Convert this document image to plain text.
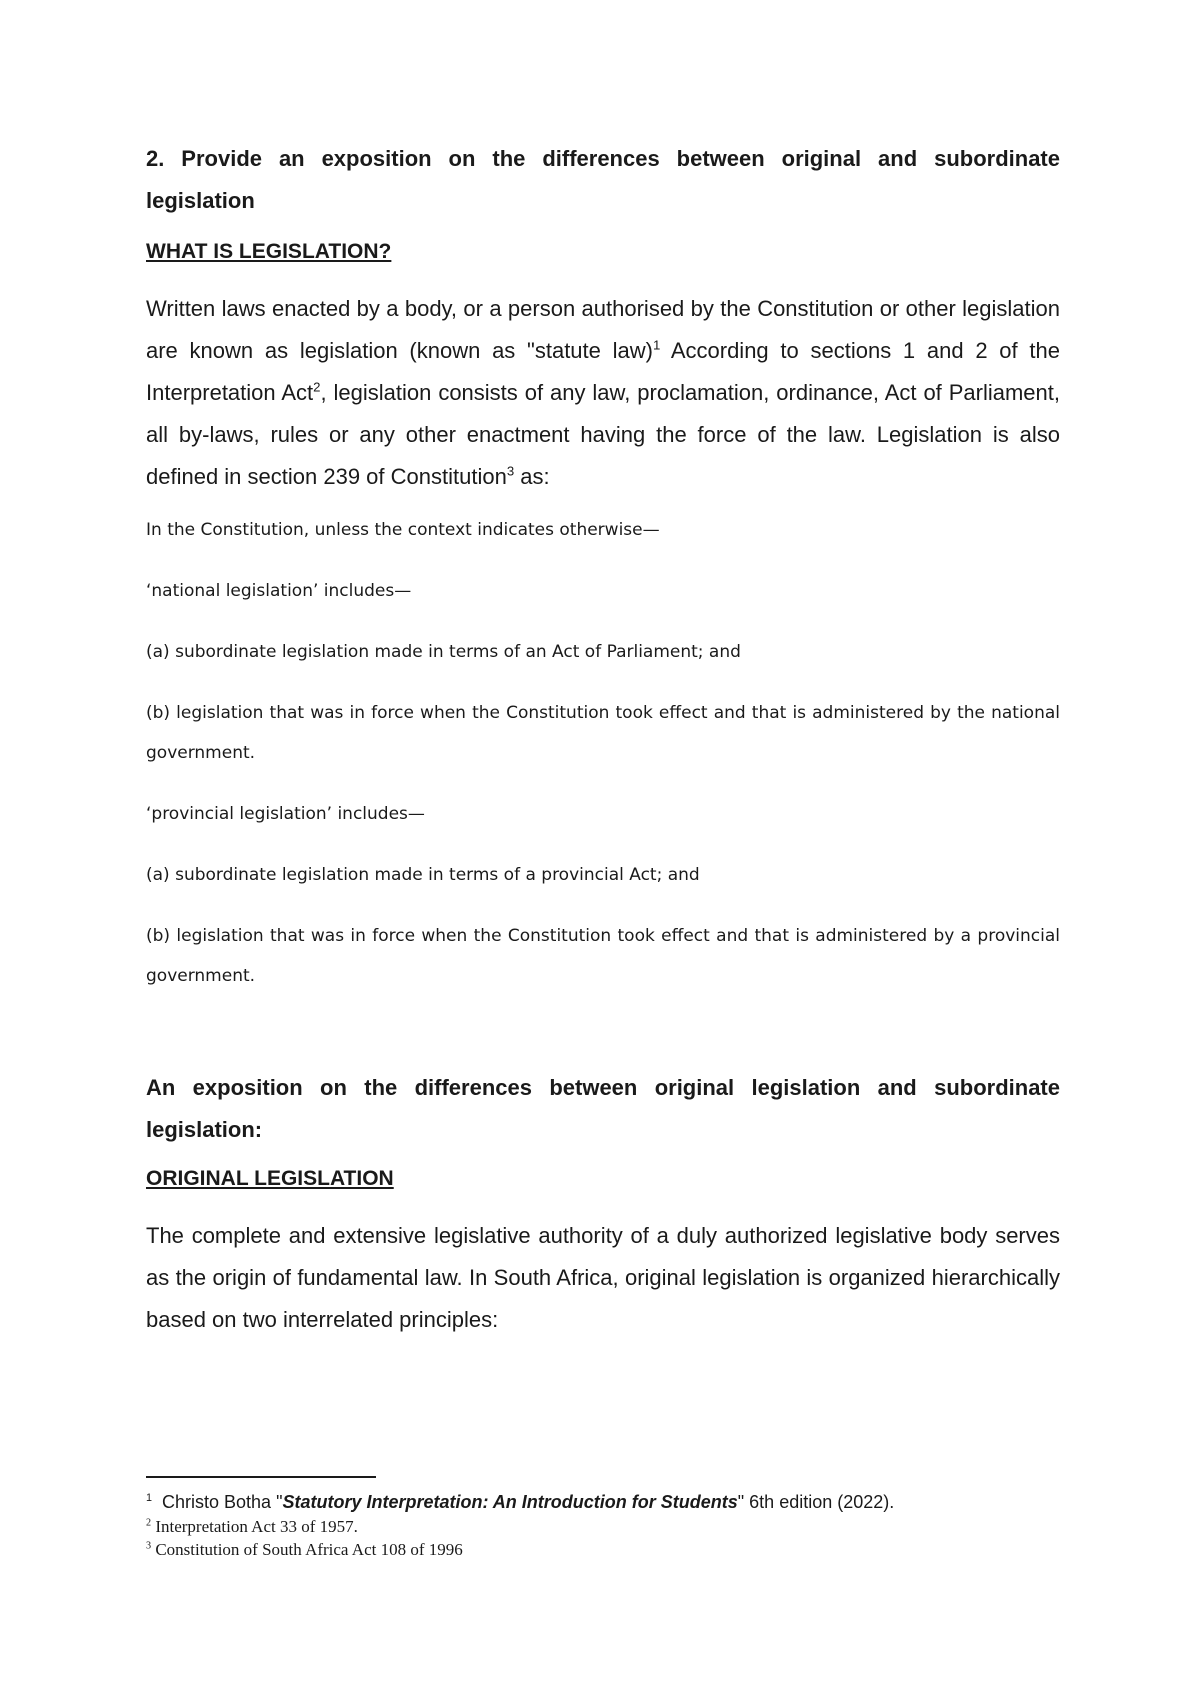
2. Provide an exposition on the differences between original and subordinate legislation

WHAT IS LEGISLATION?

Written laws enacted by a body, or a person authorised by the Constitution or other legislation are known as legislation (known as "statute law)$^1$ According to sections 1 and 2 of the Interpretation Act$^2$, legislation consists of any law, proclamation, ordinance, Act of Parliament, all by-laws, rules or any other enactment having the force of the law. Legislation is also defined in section 239 of Constitution$^3$ as:

In the Constitution, unless the context indicates otherwise—

‘national legislation’ includes—

(a) subordinate legislation made in terms of an Act of Parliament; and

(b) legislation that was in force when the Constitution took effect and that is administered by the national government.

‘provincial legislation’ includes—

(a) subordinate legislation made in terms of a provincial Act; and

(b) legislation that was in force when the Constitution took effect and that is administered by a provincial government.

An exposition on the differences between original legislation and subordinate legislation:

ORIGINAL LEGISLATION

The complete and extensive legislative authority of a duly authorized legislative body serves as the origin of fundamental law. In South Africa, original legislation is organized hierarchically based on two interrelated principles:

$^1$  Christo Botha "Statutory Interpretation: An Introduction for Students" 6th edition (2022).

$^2$ Interpretation Act 33 of 1957.

$^3$ Constitution of South Africa Act 108 of 1996
